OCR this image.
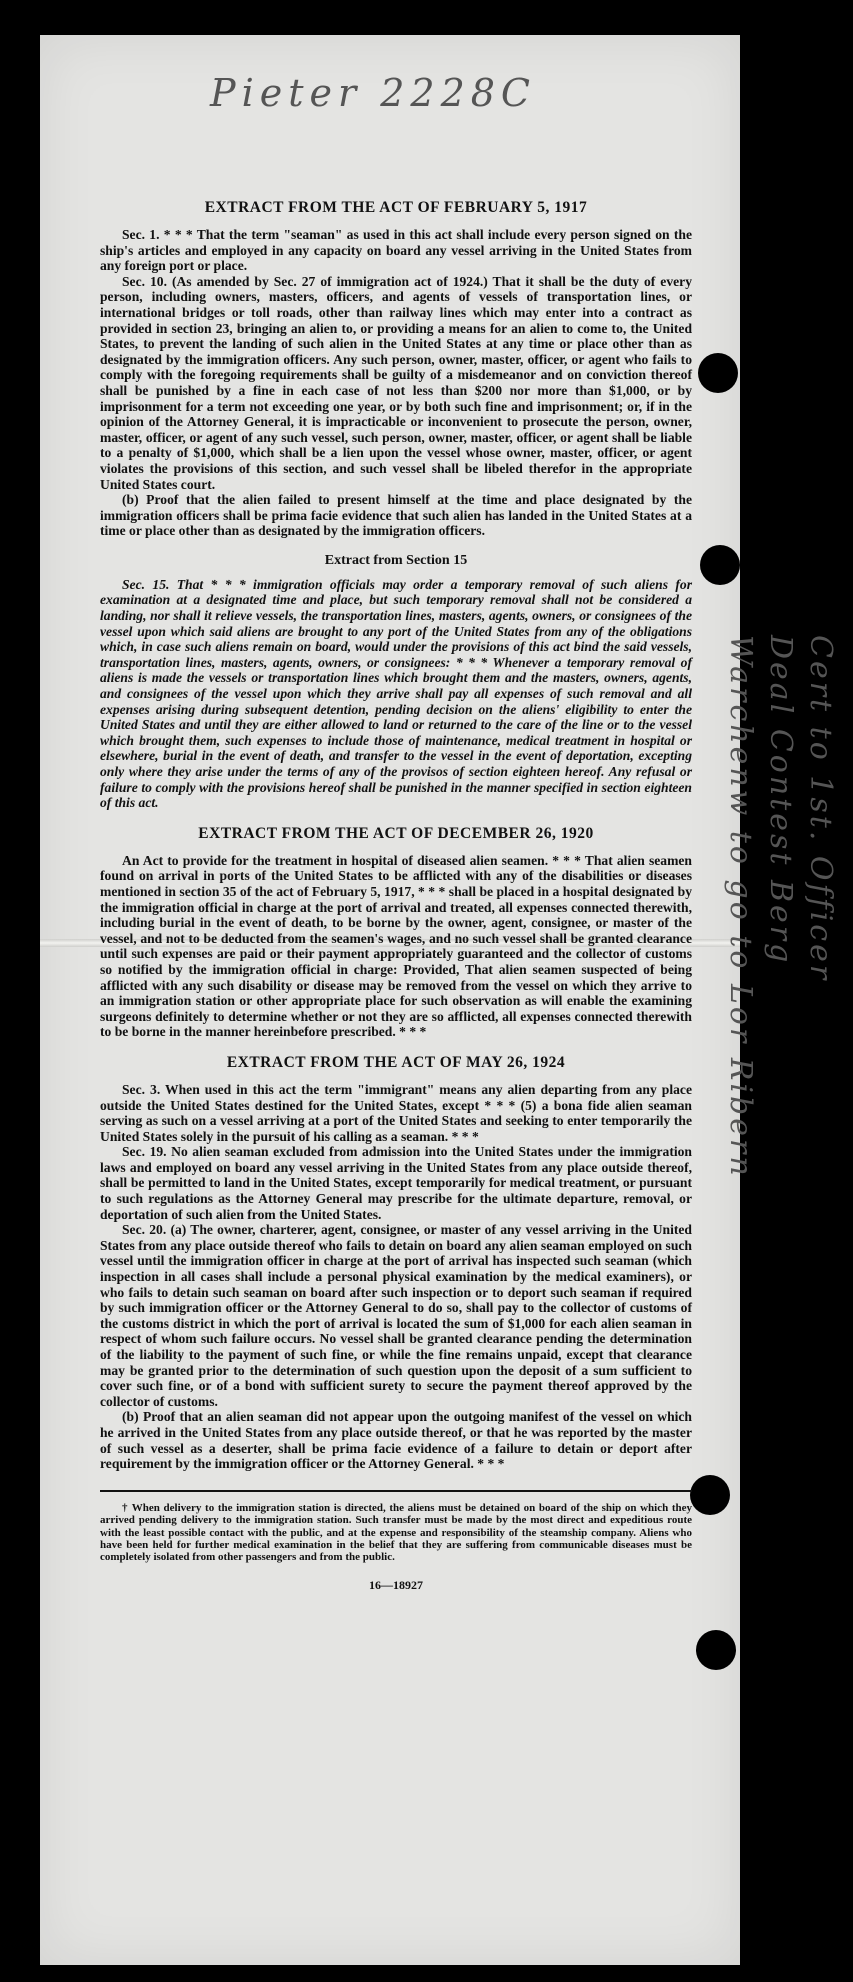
Pieter 2228C
Cert to 1st. Officer
Deal Contest Berg
Warchenw to go to Lor Ribern
EXTRACT FROM THE ACT OF FEBRUARY 5, 1917

Sec. 1. * * * That the term "seaman" as used in this act shall include every person signed on the ship's articles and employed in any capacity on board any vessel arriving in the United States from any foreign port or place.

Sec. 10. (As amended by Sec. 27 of immigration act of 1924.) That it shall be the duty of every person, including owners, masters, officers, and agents of vessels of transportation lines, or international bridges or toll roads, other than railway lines which may enter into a contract as provided in section 23, bringing an alien to, or providing a means for an alien to come to, the United States, to prevent the landing of such alien in the United States at any time or place other than as designated by the immigration officers. Any such person, owner, master, officer, or agent who fails to comply with the foregoing requirements shall be guilty of a misdemeanor and on conviction thereof shall be punished by a fine in each case of not less than $200 nor more than $1,000, or by imprisonment for a term not exceeding one year, or by both such fine and imprisonment; or, if in the opinion of the Attorney General, it is impracticable or inconvenient to prosecute the person, owner, master, officer, or agent of any such vessel, such person, owner, master, officer, or agent shall be liable to a penalty of $1,000, which shall be a lien upon the vessel whose owner, master, officer, or agent violates the provisions of this section, and such vessel shall be libeled therefor in the appropriate United States court.

(b) Proof that the alien failed to present himself at the time and place designated by the immigration officers shall be prima facie evidence that such alien has landed in the United States at a time or place other than as designated by the immigration officers.

Extract from Section 15

Sec. 15. That * * * immigration officials may order a temporary removal of such aliens for examination at a designated time and place, but such temporary removal shall not be considered a landing, nor shall it relieve vessels, the transportation lines, masters, agents, owners, or consignees of the vessel upon which said aliens are brought to any port of the United States from any of the obligations which, in case such aliens remain on board, would under the provisions of this act bind the said vessels, transportation lines, masters, agents, owners, or consignees: * * * Whenever a temporary removal of aliens is made the vessels or transportation lines which brought them and the masters, owners, agents, and consignees of the vessel upon which they arrive shall pay all expenses of such removal and all expenses arising during subsequent detention, pending decision on the aliens' eligibility to enter the United States and until they are either allowed to land or returned to the care of the line or to the vessel which brought them, such expenses to include those of maintenance, medical treatment in hospital or elsewhere, burial in the event of death, and transfer to the vessel in the event of deportation, excepting only where they arise under the terms of any of the provisos of section eighteen hereof. Any refusal or failure to comply with the provisions hereof shall be punished in the manner specified in section eighteen of this act.

EXTRACT FROM THE ACT OF DECEMBER 26, 1920

An Act to provide for the treatment in hospital of diseased alien seamen. * * * That alien seamen found on arrival in ports of the United States to be afflicted with any of the disabilities or diseases mentioned in section 35 of the act of February 5, 1917, * * * shall be placed in a hospital designated by the immigration official in charge at the port of arrival and treated, all expenses connected therewith, including burial in the event of death, to be borne by the owner, agent, consignee, or master of the vessel, and not to be deducted from the seamen's wages, and no such vessel shall be granted clearance until such expenses are paid or their payment appropriately guaranteed and the collector of customs so notified by the immigration official in charge: Provided, That alien seamen suspected of being afflicted with any such disability or disease may be removed from the vessel on which they arrive to an immigration station or other appropriate place for such observation as will enable the examining surgeons definitely to determine whether or not they are so afflicted, all expenses connected therewith to be borne in the manner hereinbefore prescribed. * * *

EXTRACT FROM THE ACT OF MAY 26, 1924

Sec. 3. When used in this act the term "immigrant" means any alien departing from any place outside the United States destined for the United States, except * * * (5) a bona fide alien seaman serving as such on a vessel arriving at a port of the United States and seeking to enter temporarily the United States solely in the pursuit of his calling as a seaman. * * *

Sec. 19. No alien seaman excluded from admission into the United States under the immigration laws and employed on board any vessel arriving in the United States from any place outside thereof, shall be permitted to land in the United States, except temporarily for medical treatment, or pursuant to such regulations as the Attorney General may prescribe for the ultimate departure, removal, or deportation of such alien from the United States.

Sec. 20. (a) The owner, charterer, agent, consignee, or master of any vessel arriving in the United States from any place outside thereof who fails to detain on board any alien seaman employed on such vessel until the immigration officer in charge at the port of arrival has inspected such seaman (which inspection in all cases shall include a personal physical examination by the medical examiners), or who fails to detain such seaman on board after such inspection or to deport such seaman if required by such immigration officer or the Attorney General to do so, shall pay to the collector of customs of the customs district in which the port of arrival is located the sum of $1,000 for each alien seaman in respect of whom such failure occurs. No vessel shall be granted clearance pending the determination of the liability to the payment of such fine, or while the fine remains unpaid, except that clearance may be granted prior to the determination of such question upon the deposit of a sum sufficient to cover such fine, or of a bond with sufficient surety to secure the payment thereof approved by the collector of customs.

(b) Proof that an alien seaman did not appear upon the outgoing manifest of the vessel on which he arrived in the United States from any place outside thereof, or that he was reported by the master of such vessel as a deserter, shall be prima facie evidence of a failure to detain or deport after requirement by the immigration officer or the Attorney General. * * *

† When delivery to the immigration station is directed, the aliens must be detained on board of the ship on which they arrived pending delivery to the immigration station. Such transfer must be made by the most direct and expeditious route with the least possible contact with the public, and at the expense and responsibility of the steamship company. Aliens who have been held for further medical examination in the belief that they are suffering from communicable diseases must be completely isolated from other passengers and from the public.

16—18927
